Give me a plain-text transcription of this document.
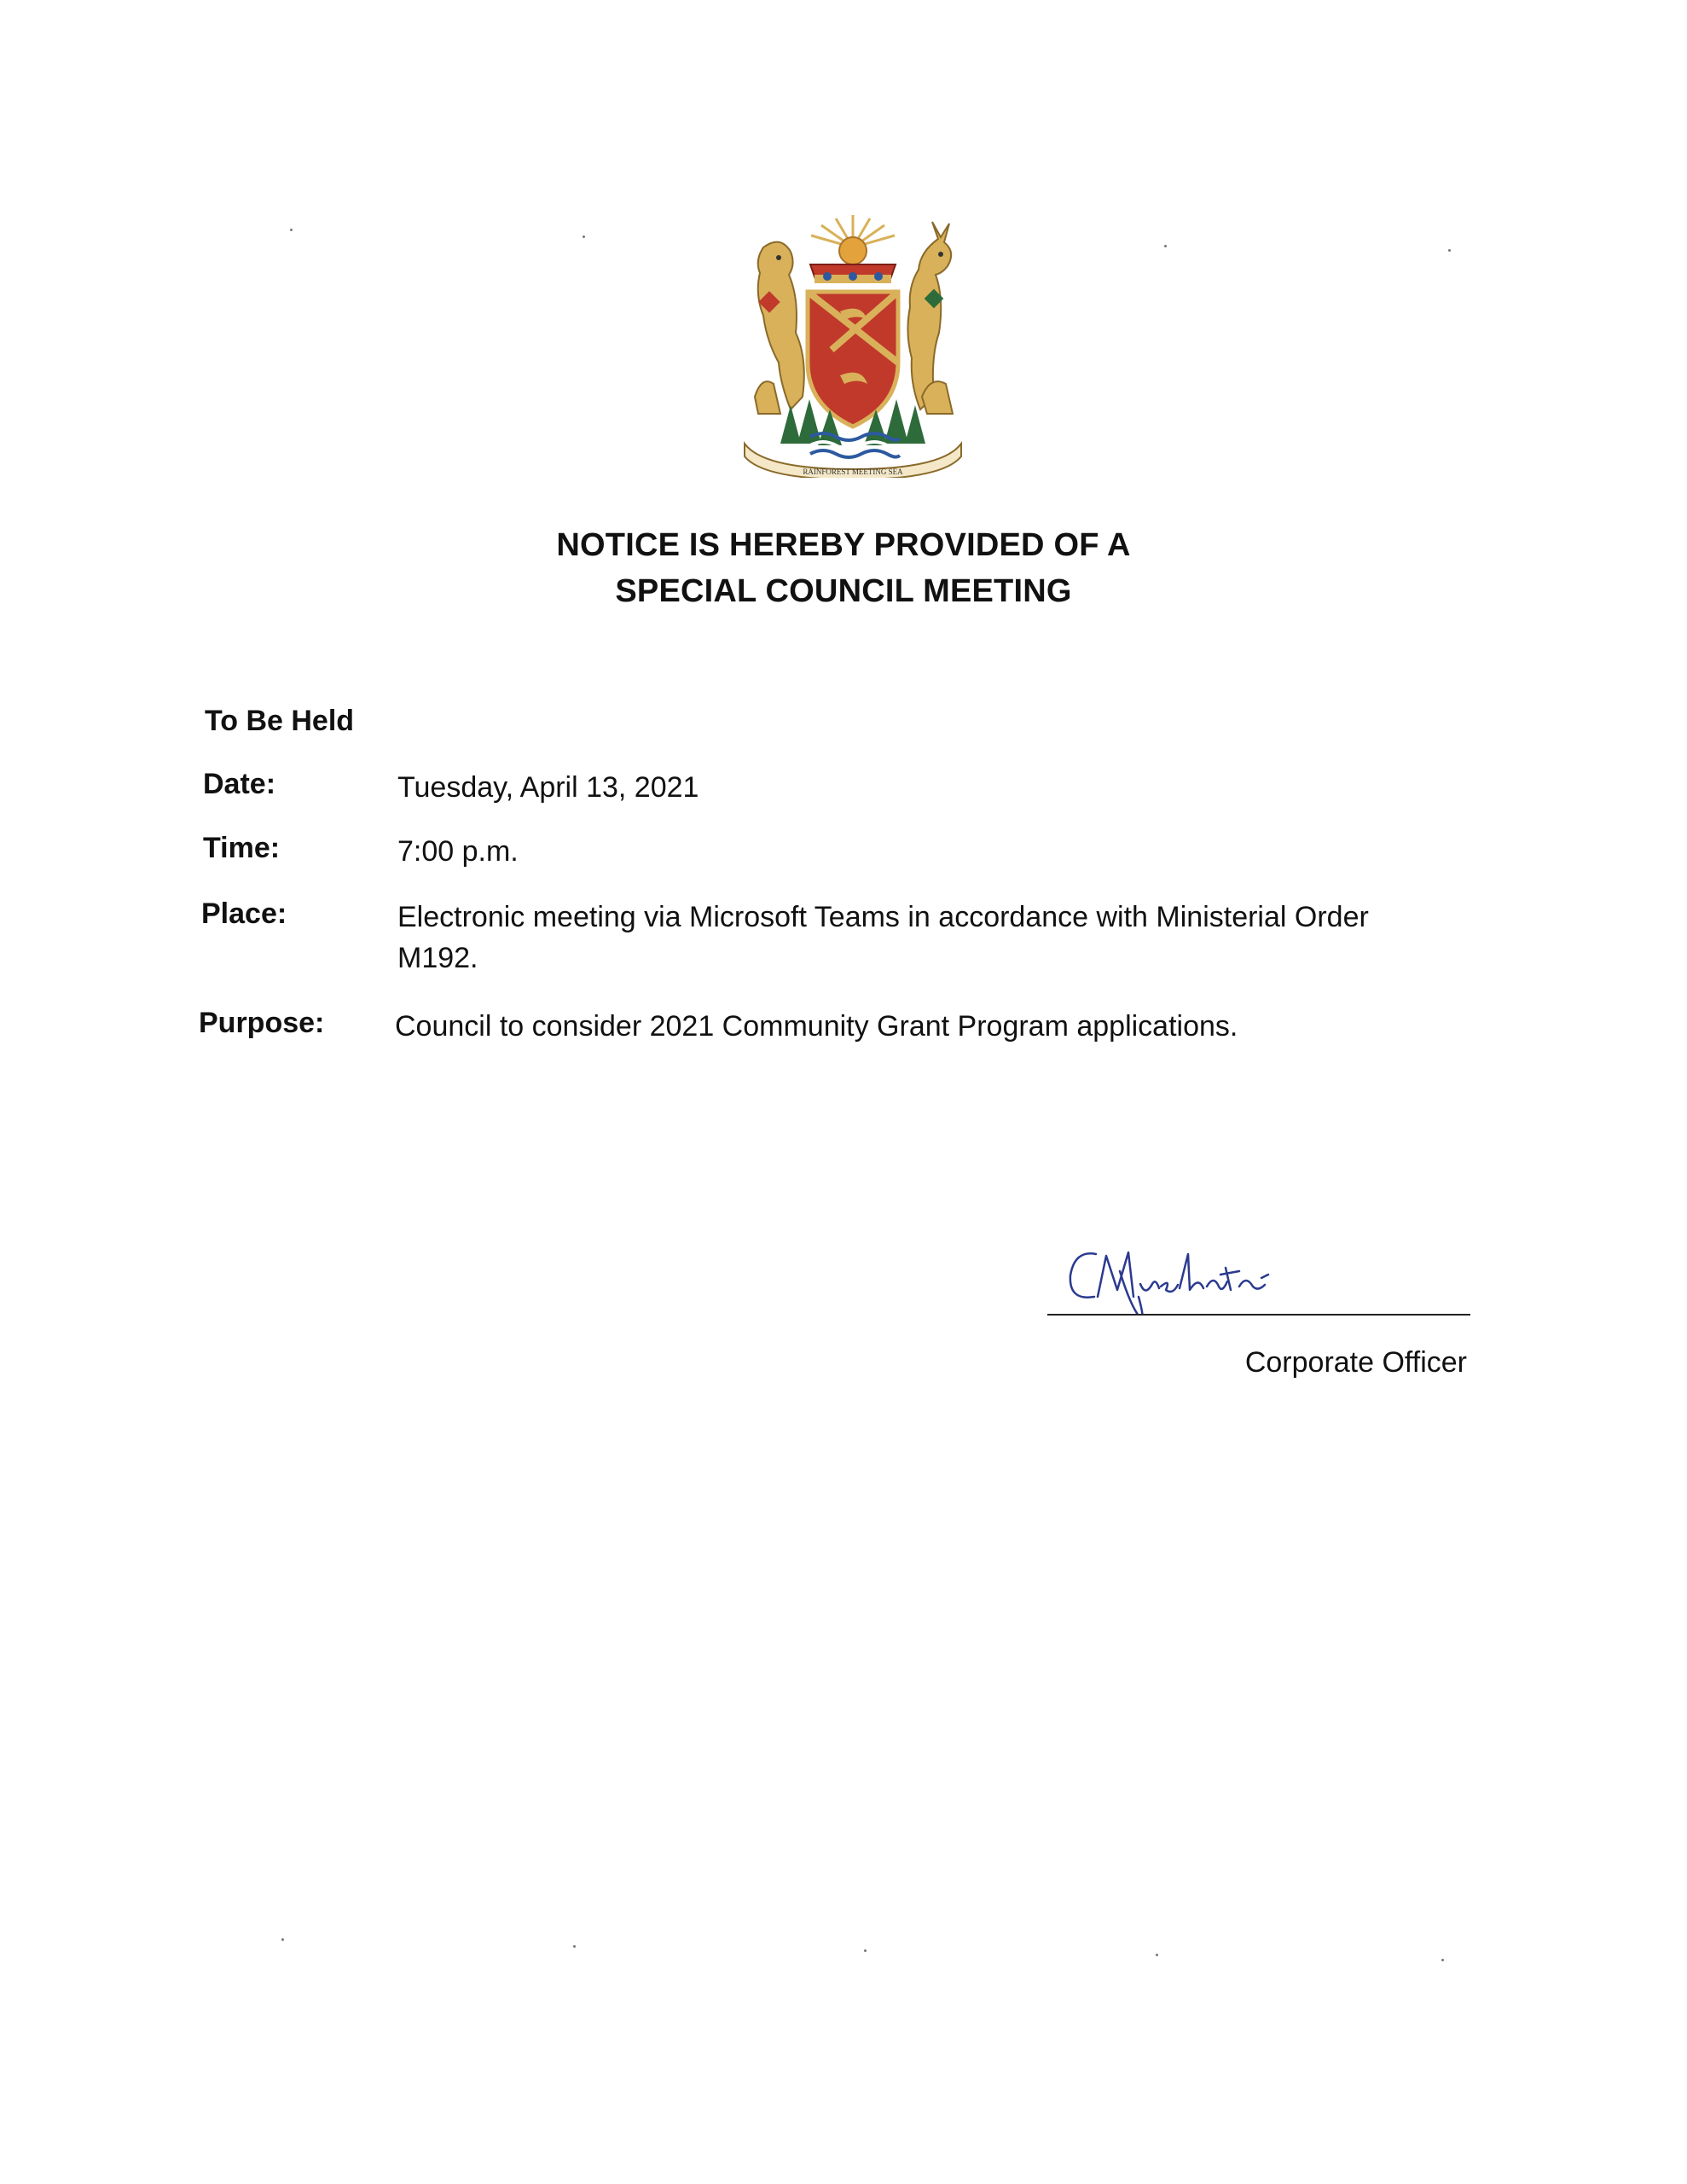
RAINFOREST MEETING SEA
NOTICE IS HEREBY PROVIDED OF A
SPECIAL COUNCIL MEETING
To Be Held
Date:	Tuesday, April 13, 2021
Time:	7:00 p.m.
Place:	Electronic meeting via Microsoft Teams in accordance with Ministerial Order
M192.
Purpose: Council to consider 2021 Community Grant Program applications.
Corporate Officer
